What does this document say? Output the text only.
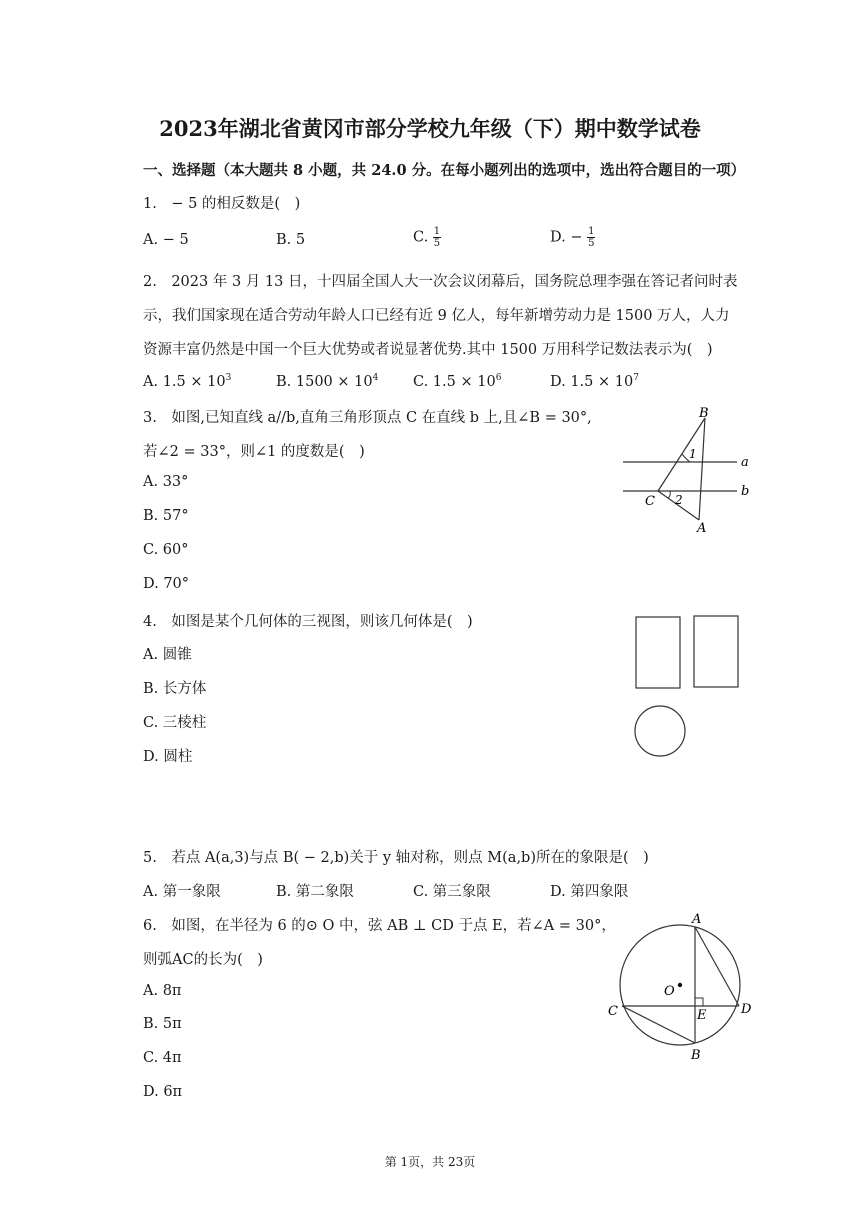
2023年湖北省黄冈市部分学校九年级（下）期中数学试卷
一、选择题（本大题共 8 小题，共 24.0 分。在每小题列出的选项中，选出符合题目的一项）
1.　− 5 的相反数是(　)
A. − 5	B. 5	C. $\frac{1}{5}$	D. − $\frac{1}{5}$
2.　2023 年 3 月 13 日，十四届全国人大一次会议闭幕后，国务院总理李强在答记者问时表
示，我们国家现在适合劳动年龄人口已经有近 9 亿人，每年新增劳动力是 1500 万人，人力
资源丰富仍然是中国一个巨大优势或者说显著优势.其中 1500 万用科学记数法表示为(　)
A. $1.5 \times 10^3$	B. $1500 \times 10^4$ C. $1.5 \times 10^6$	D. $1.5 \times 10^7$
3.　如图,已知直线 a//b,直角三角形顶点 C 在直线 b 上,且∠B = 30°,
若∠2 = 33°，则∠1 的度数是(　)
A. 33°
B. 57°
C. 60°
D. 70°
B
a
b
C
A
1
2
4.　如图是某个几何体的三视图，则该几何体是(　)
A. 圆锥
B. 长方体
C. 三棱柱
D. 圆柱
5.　若点 A(a,3)与点 B( − 2,b)关于 y 轴对称，则点 M(a,b)所在的象限是(　)
A. 第一象限	B. 第二象限	C. 第三象限	D. 第四象限
6.　如图，在半径为 6 的⊙ O 中，弦 AB ⊥ CD 于点 E，若∠A = 30°，
则弧AC的长为(　)
A. 8π
B. 5π
C. 4π
D. 6π
A
B
C	D
E
O
第 1页，共 23页
